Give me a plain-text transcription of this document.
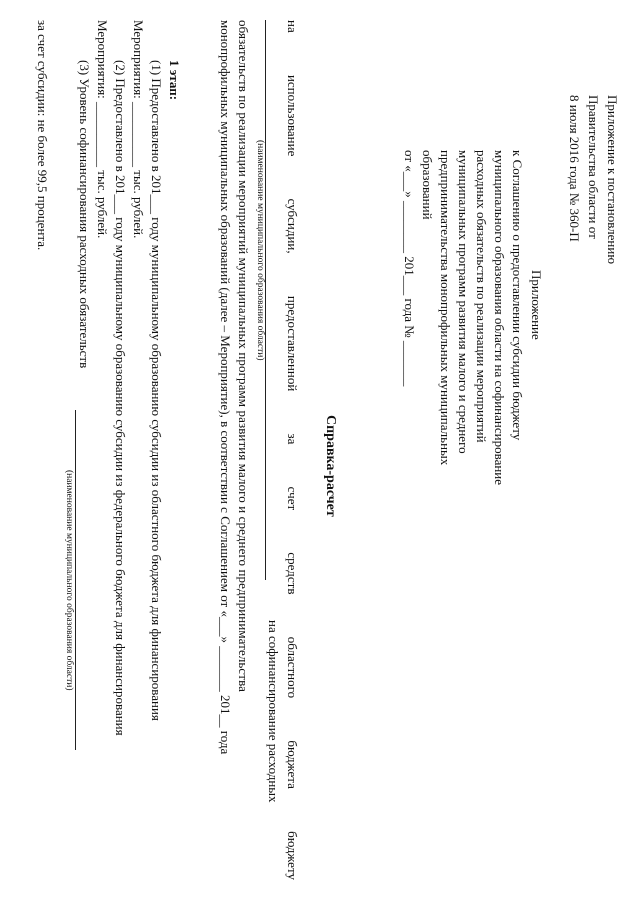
Приложение к постановлению
Правительства области от
8 июля 2016 года № 360-П
Приложение
к Соглашению о предоставлении субсидии бюджету
муниципального образования области на софинансирование
расходных обязательств по реализации мероприятий
муниципальных программ развития малого и среднего
предпринимательства монопрофильных муниципальных
образований
от «___» ________ 201___ года № _______
Справка-расчет
на
использование
субсидии,
предоставленной
за
счет
средств
областного
бюджета
бюджету
(наименование муниципального образования области)
на софинансирование расходных
обязательств по реализации мероприятий муниципальных программ развития малого и среднего предпринимательства
монопрофильных муниципальных образований (далее – Мероприятие), в соответствии с Соглашением от «___» _______ 201__ года
1 этап:
(1) Предоставлено в 201___ году муниципальному образованию субсидии из областного бюджета для финансирования
Мероприятия: __________ тыс. рублей.
(2) Предоставлено в 201___ году муниципальному образованию субсидии из федерального бюджета для финансирования
Мероприятия: __________ тыс. рублей.
(3) Уровень софинансирования расходных обязательств
(наименование муниципального образования области)
за счет субсидии: не более 99,5 процента.
